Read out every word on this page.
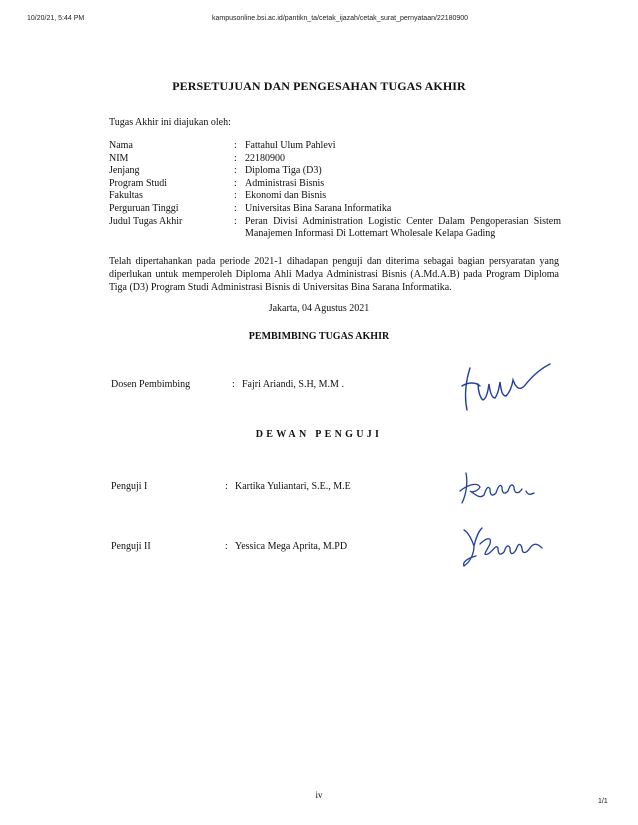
10/20/21, 5:44 PM	kampusonline.bsi.ac.id/pantikn_ta/cetak_ijazah/cetak_surat_pernyataan/22180900
PERSETUJUAN DAN PENGESAHAN TUGAS AKHIR
Tugas Akhir ini diajukan oleh:
Nama	: Fattahul Ulum Pahlevi
NIM	: 22180900
Jenjang	: Diploma Tiga (D3)
Program Studi	: Administrasi Bisnis
Fakultas	: Ekonomi dan Bisnis
Perguruan Tinggi	: Universitas Bina Sarana Informatika
Judul Tugas Akhir	: Peran Divisi Administration Logistic Center Dalam Pengoperasian Sistem Manajemen Informasi Di Lottemart Wholesale Kelapa Gading
Telah dipertahankan pada periode 2021-1 dihadapan penguji dan diterima sebagai bagian persyaratan yang diperlukan untuk memperoleh Diploma Ahli Madya Administrasi Bisnis (A.Md.A.B) pada Program Diploma Tiga (D3) Program Studi Administrasi Bisnis di Universitas Bina Sarana Informatika.
Jakarta, 04 Agustus 2021
PEMBIMBING TUGAS AKHIR
Dosen Pembimbing	: Fajri Ariandi, S.H, M.M .
DEWAN PENGUJI
Penguji I	: Kartika Yuliantari, S.E., M.E
Penguji II	: Yessica Mega Aprita, M.PD
iv
1/1
